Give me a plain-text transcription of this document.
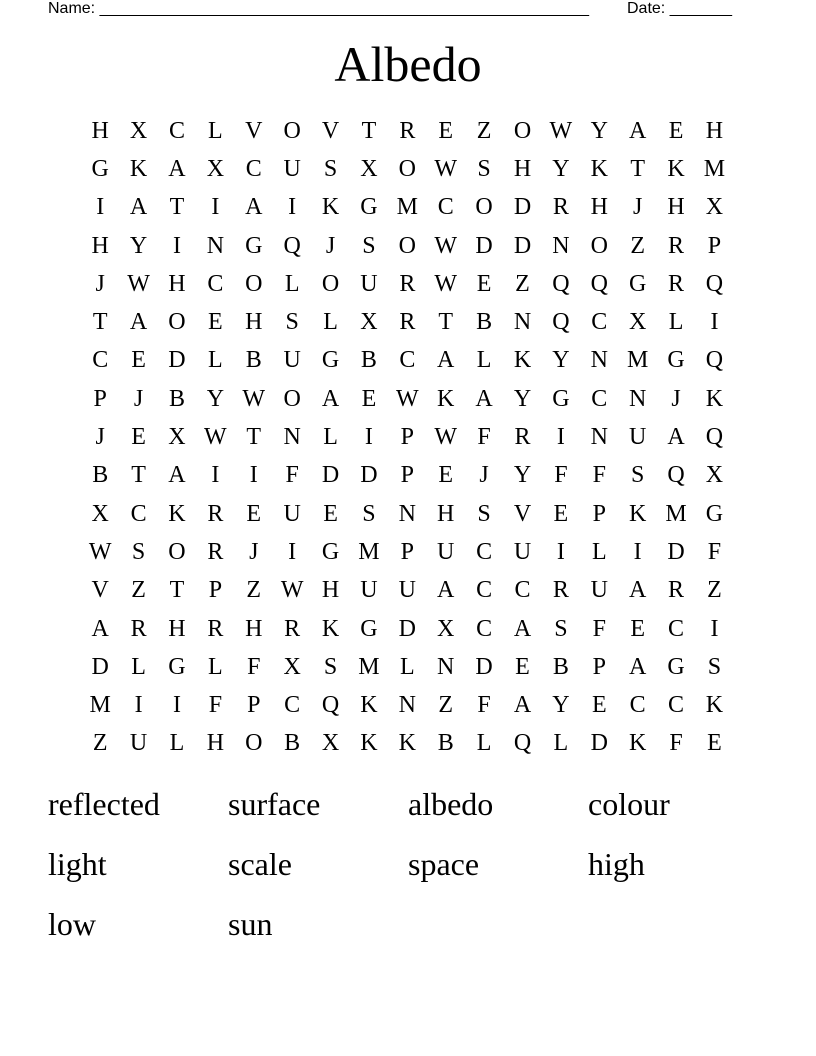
Name: _______________________________________________________ Date: _______
Albedo
H X C L V O V T R E Z O W Y A E H
G K A X C U S X O W S H Y K T K M
I	A T	I	A	I	K G M C O D R H	J	H X
H Y	I	N G Q	J	S O W D D N O Z R P
J W H C O L O U R W E Z Q Q G R Q
T A O E H S	L X R T B N Q C X L	I
C E D L B U G B C A L K Y N M G Q
P	J	B Y W O A E W K A Y G C N	J	K
J	E X W T N L	I	P W F R	I	N U A Q
B T A	I	I	F D D P	E	J	Y F	F	S Q X
X C K R E U E	S N H S V E	P K M G
W S O R	J	I	G M P U C U	I	L	I	D F
V Z T	P	Z W H U U A C C R U A R Z
A R H R H R K G D X C A S	F	E C	I
D L G L	F X S M L N D E B P A G S
M I	I	F	P C Q K N Z	F A Y E C C K
Z U L H O B X K K B L Q L D K F	E
reflected	surface	albedo	colour
light	scale	space	high
low	sun
